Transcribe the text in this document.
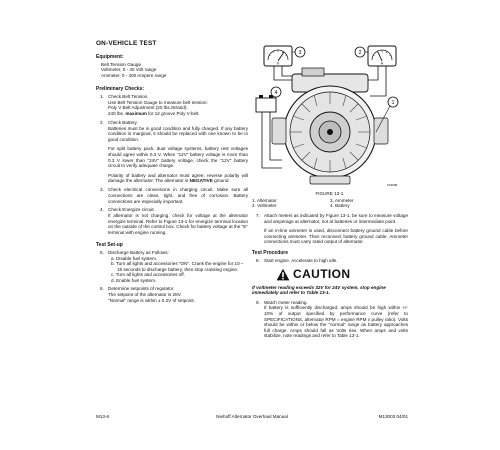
ON-VEHICLE TEST
Equipment:
Belt Tension Gauge
Voltmeter, 0 - 40 Volt range
Ammeter, 0 - 400 Ampere range
Preliminary Checks:
1. Check Belt Tension.
Use Belt Tension Gauge to measure belt tension:
Poly V Belt Adjustment (20 lbs./strand):
240 lbs. maximum for 12 groove Poly V-belt.
2. Check Battery.
Batteries must be in good condition and fully charged. If any battery condition is marginal, it should be replaced with one known to be in good condition.
For split battery pack, dual voltage systems, battery rest voltages should agree within 0.3 V. When "12V" battery voltage is more than 0.3 V lower than "24V" battery voltage, check the "12V" battery circuit to verify adequate charge.
Polarity of battery and alternator must agree; reverse polarity will damage the alternator. The alternator is NEGATIVE ground.
3. Check electrical connections in charging circuit. Make sure all connections are clean, tight, and free of corrosion. Battery connections are especially important.
4. Check Energize circuit.
If alternator is not charging, check for voltage at the alternator energize terminal. Refer to Figure 13-1 for energize terminal location on the outside of the control box. Check for battery voltage at the "E" terminal with engine running.
Test Set-up
5. Discharge Battery as Follows:
a. Disable fuel system.
b. Turn all lights and accessories "ON". Crank the engine for 10 – 15 seconds to discharge battery, then stop cranking engine.
c. Turn all lights and accessories off.
d. Enable fuel system.
6. Determine setpoints of regulator.
The setpoint of the alternator is 28V.
"Normal" range is within ± 0.2V of setpoint.
V	A
1
2
3
4
V13006
FIGURE 13-1.
1. Alternator	3. Ammeter
2. Voltmeter	4. Battery
7. Attach meters as indicated by Figure 13-1, be sure to measure voltage and amperage at alternator, not at batteries or intermediate point.
If an in-line ammeter is used, disconnect battery ground cable before connecting ammeter. Then reconnect battery ground cable. Ammeter connections must carry rated output of alternator.
Test Procedure
8. Start engine. Accelerate to high idle.
CAUTION
If voltmeter reading exceeds 32V for 24V system, stop engine immediately and refer to Table 13-1.
9. Watch meter reading.
If battery is sufficiently discharged, amps should be high within +/- 10% of output specified by performance curve (refer to SPECIFICATIONS, alternator RPM = engine RPM x pulley ratio). Volts should be within or below the "normal" range as battery approaches full charge. Amps should fall as Volts rise. When amps and volts stabilize, note readings and refer to Table 13-1.
M13-6	Niehoff Alternator Overhaul Manual	M13003 04/01
